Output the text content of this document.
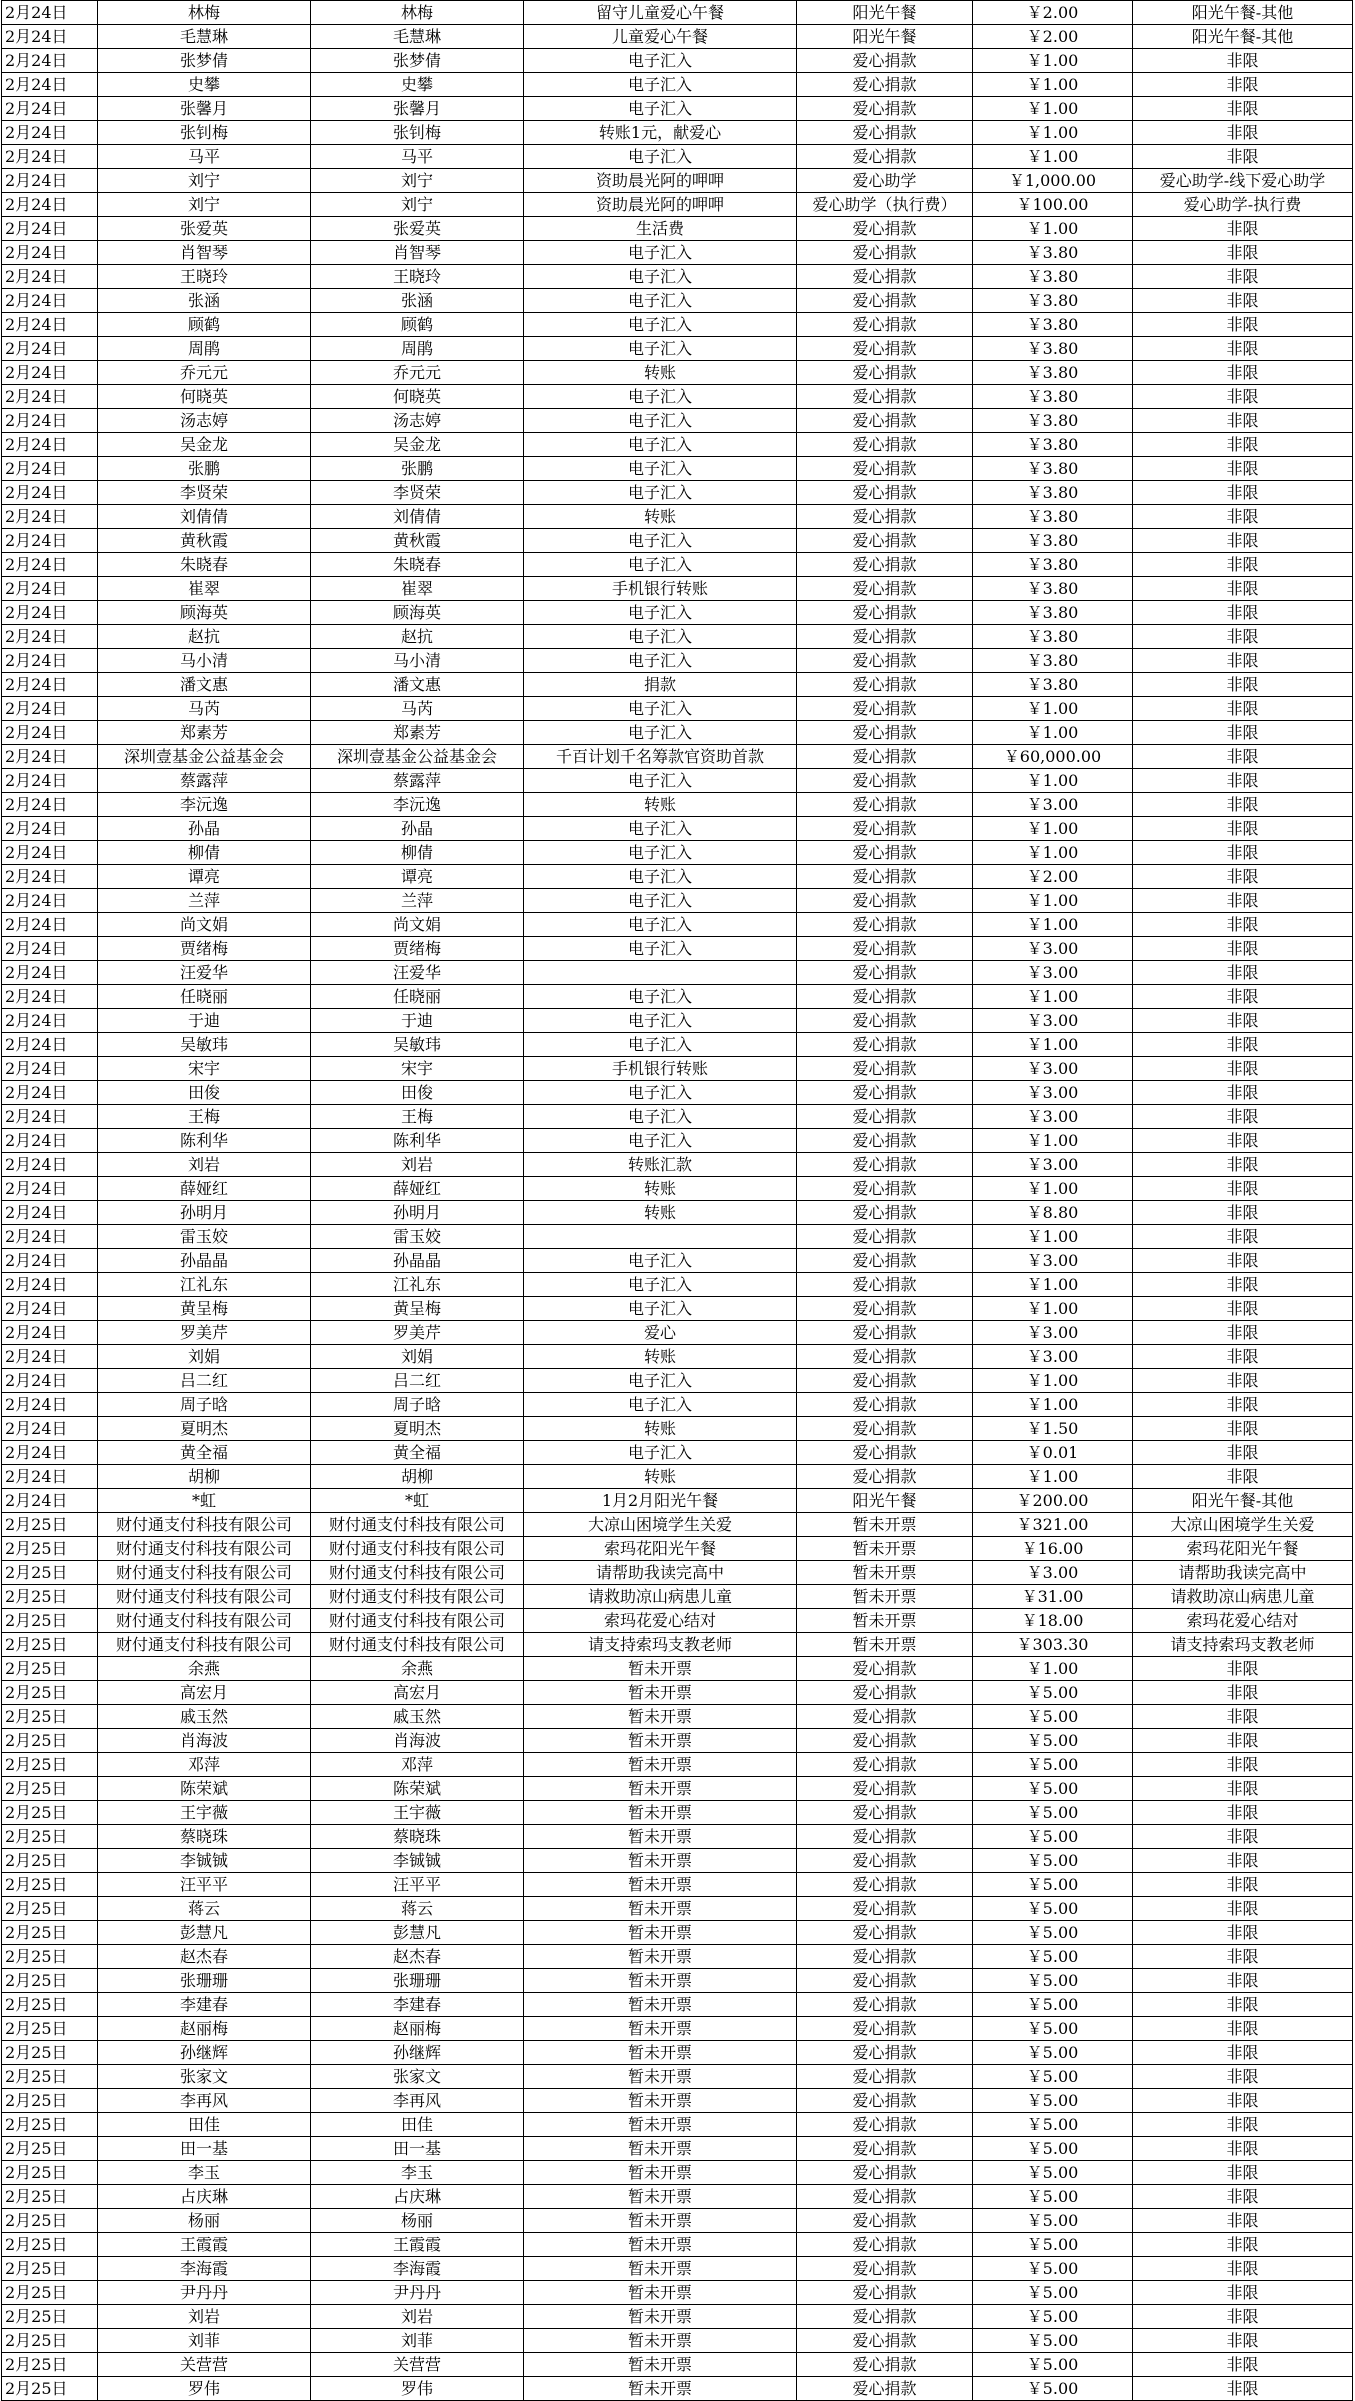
2月24日	林梅	林梅	留守儿童爱心午餐	阳光午餐	￥2.00	阳光午餐-其他
2月24日	毛慧琳	毛慧琳	儿童爱心午餐	阳光午餐	￥2.00	阳光午餐-其他
2月24日	张梦倩	张梦倩	电子汇入	爱心捐款	￥1.00	非限
2月24日	史攀	史攀	电子汇入	爱心捐款	￥1.00	非限
2月24日	张馨月	张馨月	电子汇入	爱心捐款	￥1.00	非限
2月24日	张钊梅	张钊梅	转账1元，献爱心	爱心捐款	￥1.00	非限
2月24日	马平	马平	电子汇入	爱心捐款	￥1.00	非限
2月24日	刘宁	刘宁	资助晨光阿的呷呷	爱心助学	￥1,000.00	爱心助学-线下爱心助学
2月24日	刘宁	刘宁	资助晨光阿的呷呷	爱心助学（执行费）	￥100.00	爱心助学-执行费
2月24日	张爱英	张爱英	生活费	爱心捐款	￥1.00	非限
2月24日	肖智琴	肖智琴	电子汇入	爱心捐款	￥3.80	非限
2月24日	王晓玲	王晓玲	电子汇入	爱心捐款	￥3.80	非限
2月24日	张涵	张涵	电子汇入	爱心捐款	￥3.80	非限
2月24日	顾鹤	顾鹤	电子汇入	爱心捐款	￥3.80	非限
2月24日	周鹃	周鹃	电子汇入	爱心捐款	￥3.80	非限
2月24日	乔元元	乔元元	转账	爱心捐款	￥3.80	非限
2月24日	何晓英	何晓英	电子汇入	爱心捐款	￥3.80	非限
2月24日	汤志婷	汤志婷	电子汇入	爱心捐款	￥3.80	非限
2月24日	吴金龙	吴金龙	电子汇入	爱心捐款	￥3.80	非限
2月24日	张鹏	张鹏	电子汇入	爱心捐款	￥3.80	非限
2月24日	李贤荣	李贤荣	电子汇入	爱心捐款	￥3.80	非限
2月24日	刘倩倩	刘倩倩	转账	爱心捐款	￥3.80	非限
2月24日	黄秋霞	黄秋霞	电子汇入	爱心捐款	￥3.80	非限
2月24日	朱晓春	朱晓春	电子汇入	爱心捐款	￥3.80	非限
2月24日	崔翠	崔翠	手机银行转账	爱心捐款	￥3.80	非限
2月24日	顾海英	顾海英	电子汇入	爱心捐款	￥3.80	非限
2月24日	赵抗	赵抗	电子汇入	爱心捐款	￥3.80	非限
2月24日	马小清	马小清	电子汇入	爱心捐款	￥3.80	非限
2月24日	潘文惠	潘文惠	捐款	爱心捐款	￥3.80	非限
2月24日	马芮	马芮	电子汇入	爱心捐款	￥1.00	非限
2月24日	郑素芳	郑素芳	电子汇入	爱心捐款	￥1.00	非限
2月24日	深圳壹基金公益基金会	深圳壹基金公益基金会	千百计划千名筹款官资助首款	爱心捐款	￥60,000.00	非限
2月24日	蔡露萍	蔡露萍	电子汇入	爱心捐款	￥1.00	非限
2月24日	李沅逸	李沅逸	转账	爱心捐款	￥3.00	非限
2月24日	孙晶	孙晶	电子汇入	爱心捐款	￥1.00	非限
2月24日	柳倩	柳倩	电子汇入	爱心捐款	￥1.00	非限
2月24日	谭亮	谭亮	电子汇入	爱心捐款	￥2.00	非限
2月24日	兰萍	兰萍	电子汇入	爱心捐款	￥1.00	非限
2月24日	尚文娟	尚文娟	电子汇入	爱心捐款	￥1.00	非限
2月24日	贾绪梅	贾绪梅	电子汇入	爱心捐款	￥3.00	非限
2月24日	汪爱华	汪爱华		爱心捐款	￥3.00	非限
2月24日	任晓丽	任晓丽	电子汇入	爱心捐款	￥1.00	非限
2月24日	于迪	于迪	电子汇入	爱心捐款	￥3.00	非限
2月24日	吴敏玮	吴敏玮	电子汇入	爱心捐款	￥1.00	非限
2月24日	宋宇	宋宇	手机银行转账	爱心捐款	￥3.00	非限
2月24日	田俊	田俊	电子汇入	爱心捐款	￥3.00	非限
2月24日	王梅	王梅	电子汇入	爱心捐款	￥3.00	非限
2月24日	陈利华	陈利华	电子汇入	爱心捐款	￥1.00	非限
2月24日	刘岩	刘岩	转账汇款	爱心捐款	￥3.00	非限
2月24日	薛娅红	薛娅红	转账	爱心捐款	￥1.00	非限
2月24日	孙明月	孙明月	转账	爱心捐款	￥8.80	非限
2月24日	雷玉姣	雷玉姣		爱心捐款	￥1.00	非限
2月24日	孙晶晶	孙晶晶	电子汇入	爱心捐款	￥3.00	非限
2月24日	江礼东	江礼东	电子汇入	爱心捐款	￥1.00	非限
2月24日	黄呈梅	黄呈梅	电子汇入	爱心捐款	￥1.00	非限
2月24日	罗美芹	罗美芹	爱心	爱心捐款	￥3.00	非限
2月24日	刘娟	刘娟	转账	爱心捐款	￥3.00	非限
2月24日	吕二红	吕二红	电子汇入	爱心捐款	￥1.00	非限
2月24日	周子晗	周子晗	电子汇入	爱心捐款	￥1.00	非限
2月24日	夏明杰	夏明杰	转账	爱心捐款	￥1.50	非限
2月24日	黄全福	黄全福	电子汇入	爱心捐款	￥0.01	非限
2月24日	胡柳	胡柳	转账	爱心捐款	￥1.00	非限
2月24日	*虹	*虹	1月2月阳光午餐	阳光午餐	￥200.00	阳光午餐-其他
2月25日	财付通支付科技有限公司	财付通支付科技有限公司	大凉山困境学生关爱	暂未开票	￥321.00	大凉山困境学生关爱
2月25日	财付通支付科技有限公司	财付通支付科技有限公司	索玛花阳光午餐	暂未开票	￥16.00	索玛花阳光午餐
2月25日	财付通支付科技有限公司	财付通支付科技有限公司	请帮助我读完高中	暂未开票	￥3.00	请帮助我读完高中
2月25日	财付通支付科技有限公司	财付通支付科技有限公司	请救助凉山病患儿童	暂未开票	￥31.00	请救助凉山病患儿童
2月25日	财付通支付科技有限公司	财付通支付科技有限公司	索玛花爱心结对	暂未开票	￥18.00	索玛花爱心结对
2月25日	财付通支付科技有限公司	财付通支付科技有限公司	请支持索玛支教老师	暂未开票	￥303.30	请支持索玛支教老师
2月25日	余燕	余燕	暂未开票	爱心捐款	￥1.00	非限
2月25日	高宏月	高宏月	暂未开票	爱心捐款	￥5.00	非限
2月25日	戚玉然	戚玉然	暂未开票	爱心捐款	￥5.00	非限
2月25日	肖海波	肖海波	暂未开票	爱心捐款	￥5.00	非限
2月25日	邓萍	邓萍	暂未开票	爱心捐款	￥5.00	非限
2月25日	陈荣斌	陈荣斌	暂未开票	爱心捐款	￥5.00	非限
2月25日	王宇薇	王宇薇	暂未开票	爱心捐款	￥5.00	非限
2月25日	蔡晓珠	蔡晓珠	暂未开票	爱心捐款	￥5.00	非限
2月25日	李铖铖	李铖铖	暂未开票	爱心捐款	￥5.00	非限
2月25日	汪平平	汪平平	暂未开票	爱心捐款	￥5.00	非限
2月25日	蒋云	蒋云	暂未开票	爱心捐款	￥5.00	非限
2月25日	彭慧凡	彭慧凡	暂未开票	爱心捐款	￥5.00	非限
2月25日	赵杰春	赵杰春	暂未开票	爱心捐款	￥5.00	非限
2月25日	张珊珊	张珊珊	暂未开票	爱心捐款	￥5.00	非限
2月25日	李建春	李建春	暂未开票	爱心捐款	￥5.00	非限
2月25日	赵丽梅	赵丽梅	暂未开票	爱心捐款	￥5.00	非限
2月25日	孙继辉	孙继辉	暂未开票	爱心捐款	￥5.00	非限
2月25日	张家文	张家文	暂未开票	爱心捐款	￥5.00	非限
2月25日	李再风	李再风	暂未开票	爱心捐款	￥5.00	非限
2月25日	田佳	田佳	暂未开票	爱心捐款	￥5.00	非限
2月25日	田一基	田一基	暂未开票	爱心捐款	￥5.00	非限
2月25日	李玉	李玉	暂未开票	爱心捐款	￥5.00	非限
2月25日	占庆琳	占庆琳	暂未开票	爱心捐款	￥5.00	非限
2月25日	杨丽	杨丽	暂未开票	爱心捐款	￥5.00	非限
2月25日	王霞霞	王霞霞	暂未开票	爱心捐款	￥5.00	非限
2月25日	李海霞	李海霞	暂未开票	爱心捐款	￥5.00	非限
2月25日	尹丹丹	尹丹丹	暂未开票	爱心捐款	￥5.00	非限
2月25日	刘岩	刘岩	暂未开票	爱心捐款	￥5.00	非限
2月25日	刘菲	刘菲	暂未开票	爱心捐款	￥5.00	非限
2月25日	关营营	关营营	暂未开票	爱心捐款	￥5.00	非限
2月25日	罗伟	罗伟	暂未开票	爱心捐款	￥5.00	非限
